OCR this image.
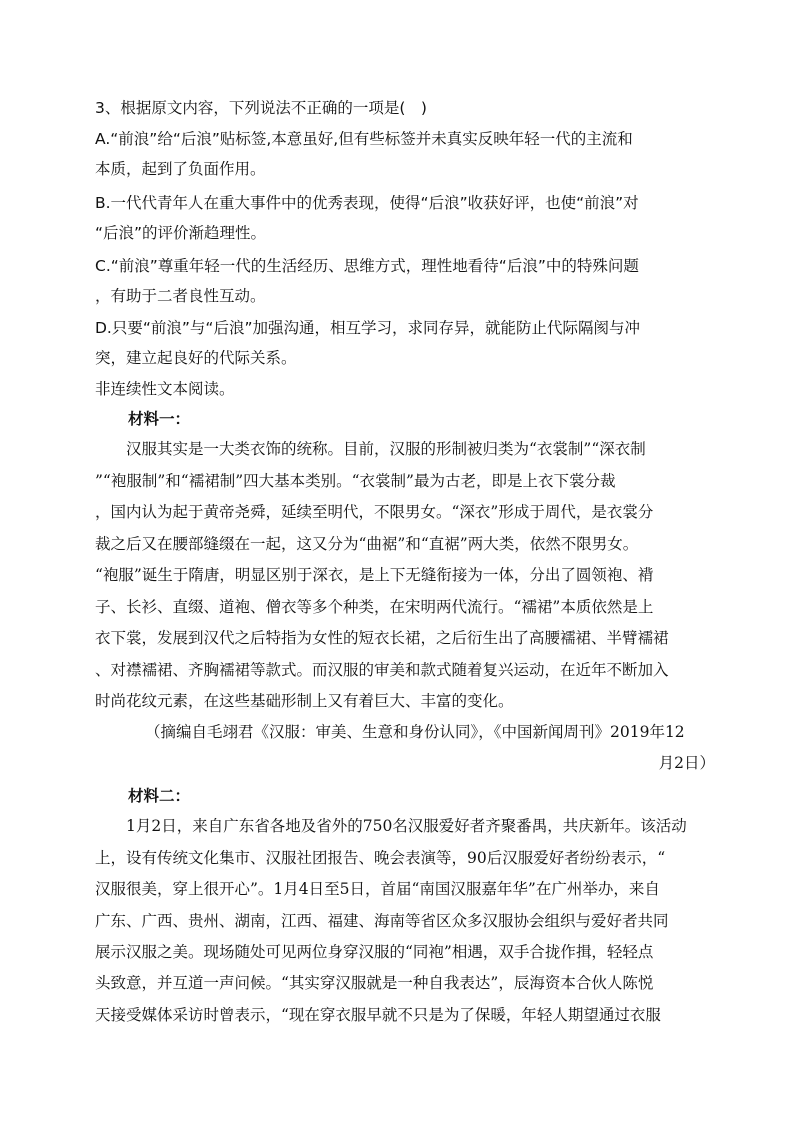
3、根据原文内容，下列说法不正确的一项是(　)
A.“前浪”给“后浪”贴标签,本意虽好,但有些标签并未真实反映年轻一代的主流和
本质，起到了负面作用。
B.一代代青年人在重大事件中的优秀表现，使得“后浪”收获好评，也使“前浪”对
“后浪”的评价渐趋理性。
C.“前浪”尊重年轻一代的生活经历、思维方式，理性地看待“后浪”中的特殊问题
，有助于二者良性互动。
D.只要“前浪”与“后浪”加强沟通，相互学习，求同存异，就能防止代际隔阂与冲
突，建立起良好的代际关系。
非连续性文本阅读。
材料一：
　　汉服其实是一大类衣饰的统称。目前，汉服的形制被归类为“衣裳制”“深衣制
”“袍服制”和“襦裙制”四大基本类别。“衣裳制”最为古老，即是上衣下裳分裁
，国内认为起于黄帝尧舜，延续至明代，不限男女。“深衣”形成于周代，是衣裳分
裁之后又在腰部缝缀在一起，这又分为“曲裾”和“直裾”两大类，依然不限男女。
“袍服”诞生于隋唐，明显区别于深衣，是上下无缝衔接为一体，分出了圆领袍、褙
子、长衫、直缀、道袍、僧衣等多个种类，在宋明两代流行。“襦裙”本质依然是上
衣下裳，发展到汉代之后特指为女性的短衣长裙，之后衍生出了高腰襦裙、半臂襦裙
、对襟襦裙、齐胸襦裙等款式。而汉服的审美和款式随着复兴运动，在近年不断加入
时尚花纹元素，在这些基础形制上又有着巨大、丰富的变化。
（摘编自毛翊君《汉服：审美、生意和身份认同》，《中国新闻周刊》2019年12
月2日）
材料二：
　　1月2日，来自广东省各地及省外的750名汉服爱好者齐聚番禺，共庆新年。该活动
上，设有传统文化集市、汉服社团报告、晚会表演等，90后汉服爱好者纷纷表示，“
汉服很美，穿上很开心”。1月4日至5日，首届“南国汉服嘉年华”在广州举办，来自
广东、广西、贵州、湖南，江西、福建、海南等省区众多汉服协会组织与爱好者共同
展示汉服之美。现场随处可见两位身穿汉服的“同袍”相遇，双手合拢作揖，轻轻点
头致意，并互道一声问候。“其实穿汉服就是一种自我表达”，辰海资本合伙人陈悦
天接受媒体采访时曾表示，“现在穿衣服早就不只是为了保暖，年轻人期望通过衣服
